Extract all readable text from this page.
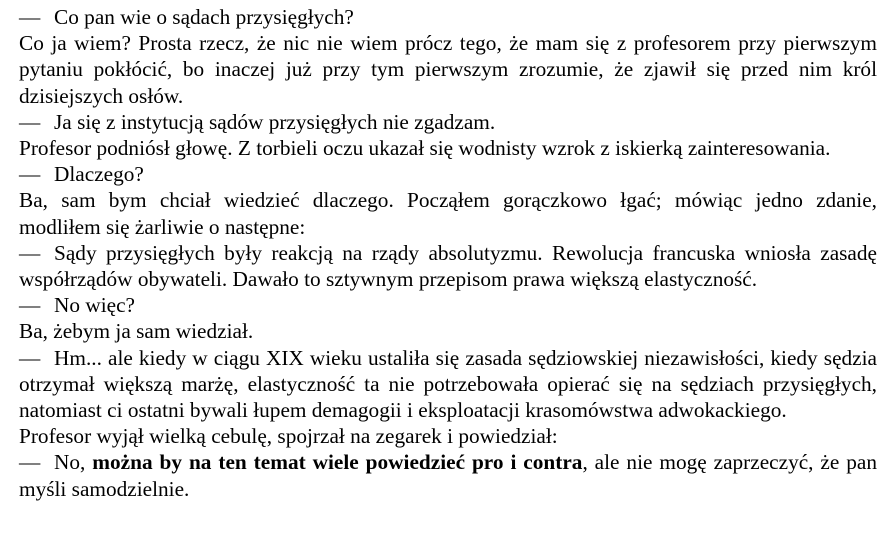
— Co pan wie o sądach przysięgłych?

Co ja wiem? Prosta rzecz, że nic nie wiem prócz tego, że mam się z profesorem przy pierwszym pytaniu pokłócić, bo inaczej już przy tym pierwszym zrozumie, że zjawił się przed nim król dzisiejszych osłów.

— Ja się z instytucją sądów przysięgłych nie zgadzam.

Profesor podniósł głowę. Z torbieli oczu ukazał się wodnisty wzrok z iskierką zainteresowania.

— Dlaczego?

Ba, sam bym chciał wiedzieć dlaczego. Począłem gorączkowo łgać; mówiąc jedno zdanie, modliłem się żarliwie o następne:

— Sądy przysięgłych były reakcją na rządy absolutyzmu. Rewolucja francuska wniosła zasadę współrządów obywateli. Dawało to sztywnym przepisom prawa większą elastyczność.

— No więc?

Ba, żebym ja sam wiedział.

— Hm... ale kiedy w ciągu XIX wieku ustaliła się zasada sędziowskiej niezawisłości, kiedy sędzia otrzymał większą marżę, elastyczność ta nie potrzebowała opierać się na sędziach przysięgłych, natomiast ci ostatni bywali łupem demagogii i eksploatacji krasomówstwa adwokackiego.

Profesor wyjął wielką cebulę, spojrzał na zegarek i powiedział:

— No, można by na ten temat wiele powiedzieć pro i contra, ale nie mogę zaprzeczyć, że pan myśli samodzielnie.
